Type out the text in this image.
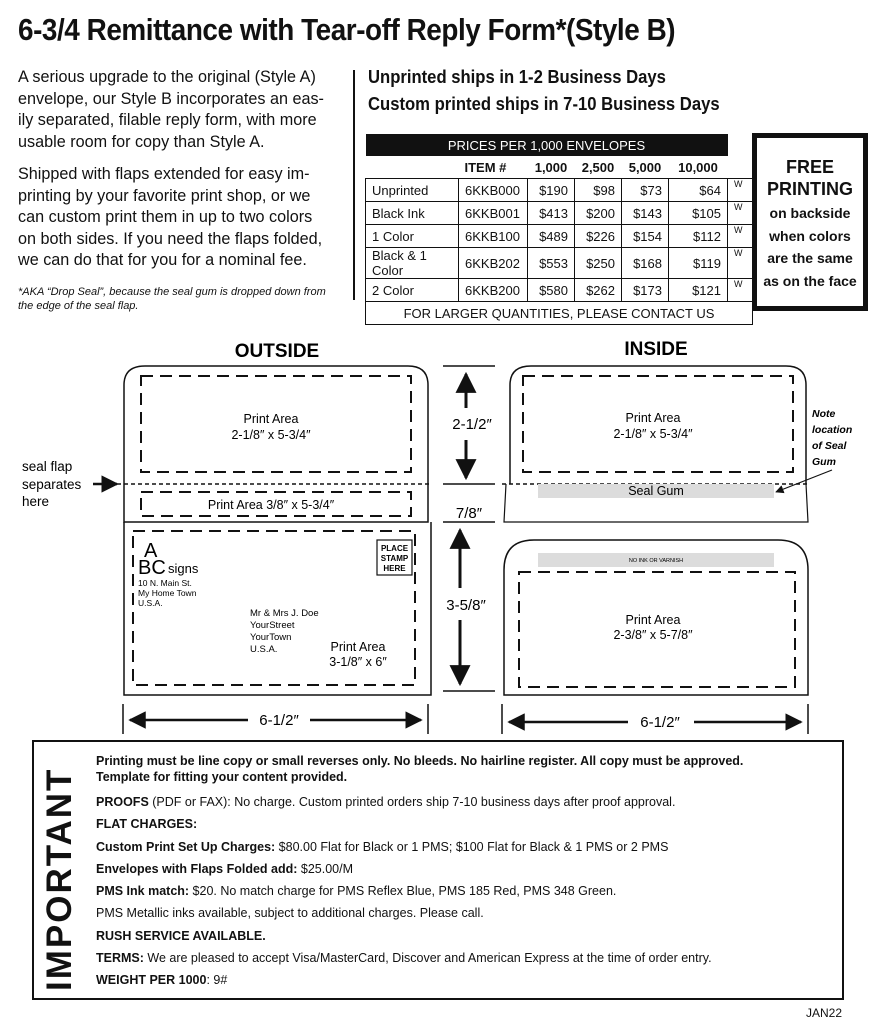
6-3/4 Remittance with Tear-off Reply Form*(Style B)
A serious upgrade to the original (Style A)
envelope, our Style B incorporates an eas-
ily separated, filable reply form, with more
usable room for copy than Style A.
Shipped with flaps extended for easy im-
printing by your favorite print shop, or we
can custom print them in up to two colors
on both sides. If you need the flaps folded,
we can do that for you for a nominal fee.
*AKA “Drop Seal”, because the seal gum is dropped down from
the edge of the seal flap.
Unprinted ships in 1-2 Business Days
Custom printed ships in 7-10 Business Days
PRICES PER 1,000 ENVELOPES						
	ITEM #	1,000	2,500	5,000	10,000	
Unprinted	6KKB000	$190	$98	$73	$64	W
Black Ink	6KKB001	$413	$200	$143	$105	W
1 Color	6KKB100	$489	$226	$154	$112	W
Black & 1 Color	6KKB202	$553	$250	$168	$119	W
2 Color	6KKB200	$580	$262	$173	$121	W
FOR LARGER QUANTITIES, PLEASE CONTACT US						
FREE
PRINTING
on backside
when colors
are the same
as on the face
OUTSIDE	INSIDE
Print Area
2-1/8″ x 5-3/4″
Print Area 3/8″ x 5-3/4″
A
BC signs
10 N. Main St.
My Home Town
U.S.A.
PLACE
STAMP
HERE
Mr & Mrs J. Doe
YourStreet
YourTown
U.S.A.	Print Area
3-1/8″ x 6″
seal flap
separates
here
2-1/2″
7/8″
3-5/8″
Print Area
2-1/8″ x 5-3/4″
Seal Gum
NO INK OR VARNISH
Print Area
2-3/8″ x 5-7/8″
Note
location
of Seal
Gum
6-1/2″	6-1/2″
IMPORTANT
Printing must be line copy or small reverses only. No bleeds. No hairline register. All copy must be approved.
Template for fitting your content provided.
PROOFS (PDF or FAX): No charge. Custom printed orders ship 7-10 business days after proof approval.
FLAT CHARGES:
Custom Print Set Up Charges: $80.00 Flat for Black or 1 PMS; $100 Flat for Black & 1 PMS or 2 PMS
Envelopes with Flaps Folded add: $25.00/M
PMS Ink match: $20. No match charge for PMS Reflex Blue, PMS 185 Red, PMS 348 Green.
PMS Metallic inks available, subject to additional charges. Please call.
RUSH SERVICE AVAILABLE.
TERMS: We are pleased to accept Visa/MasterCard, Discover and American Express at the time of order entry.
WEIGHT PER 1000: 9#
JAN22
